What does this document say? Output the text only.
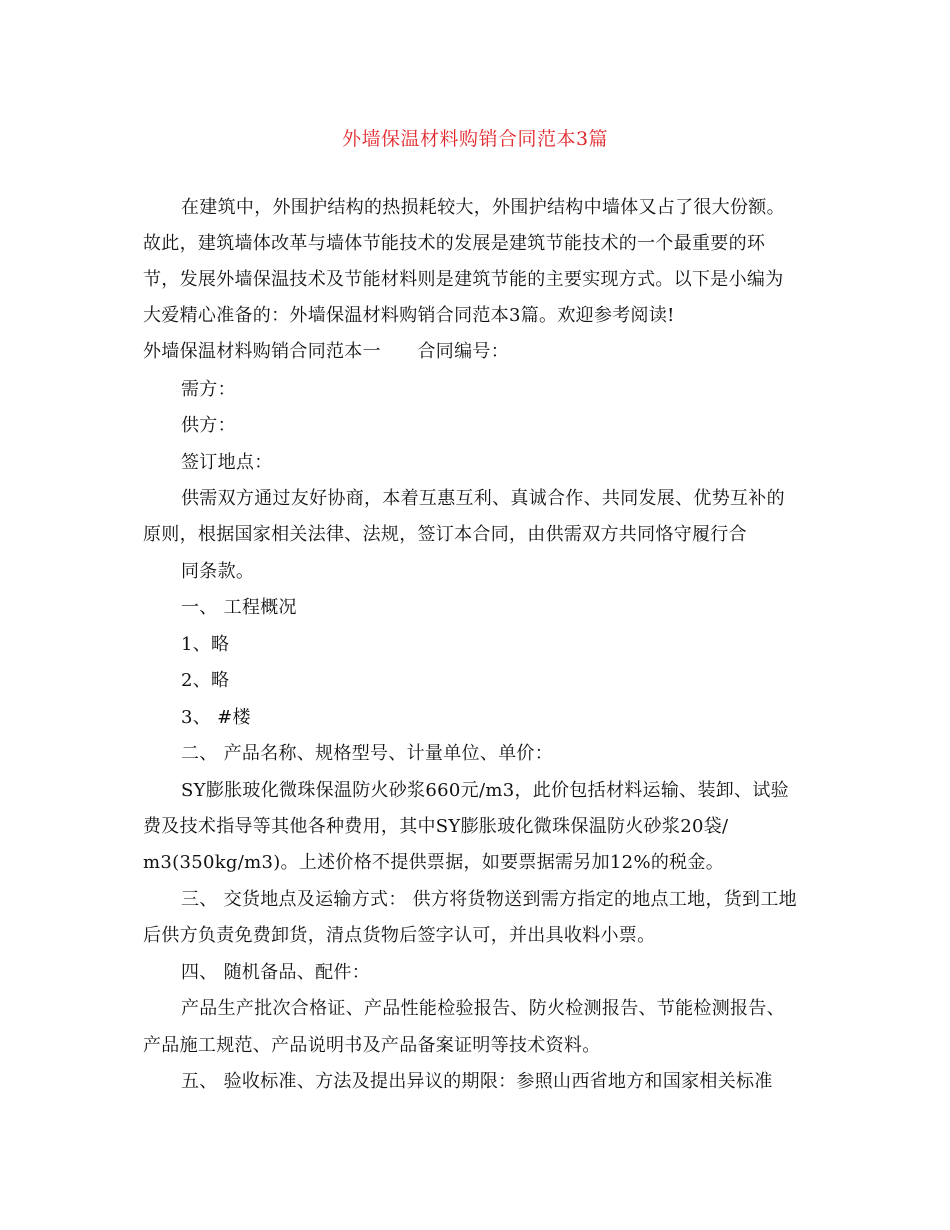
外墙保温材料购销合同范本3篇
在建筑中，外围护结构的热损耗较大，外围护结构中墙体又占了很大份额。
故此，建筑墙体改革与墙体节能技术的发展是建筑节能技术的一个最重要的环
节，发展外墙保温技术及节能材料则是建筑节能的主要实现方式。以下是小编为
大爱精心准备的：外墙保温材料购销合同范本3篇。欢迎参考阅读!
外墙保温材料购销合同范本一　　合同编号：
需方：
供方：
签订地点：
供需双方通过友好协商，本着互惠互利、真诚合作、共同发展、优势互补的
原则，根据国家相关法律、法规，签订本合同，由供需双方共同恪守履行合
同条款。
一、 工程概况
1、略
2、略
3、 #楼
二、 产品名称、规格型号、计量单位、单价：
SY膨胀玻化微珠保温防火砂浆660元/m3，此价包括材料运输、装卸、试验
费及技术指导等其他各种费用，其中SY膨胀玻化微珠保温防火砂浆20袋/
m3(350kg/m3)。上述价格不提供票据，如要票据需另加12%的税金。
三、 交货地点及运输方式： 供方将货物送到需方指定的地点工地，货到工地
后供方负责免费卸货，清点货物后签字认可，并出具收料小票。
四、 随机备品、配件：
产品生产批次合格证、产品性能检验报告、防火检测报告、节能检测报告、
产品施工规范、产品说明书及产品备案证明等技术资料。
五、 验收标准、方法及提出异议的期限：参照山西省地方和国家相关标准
